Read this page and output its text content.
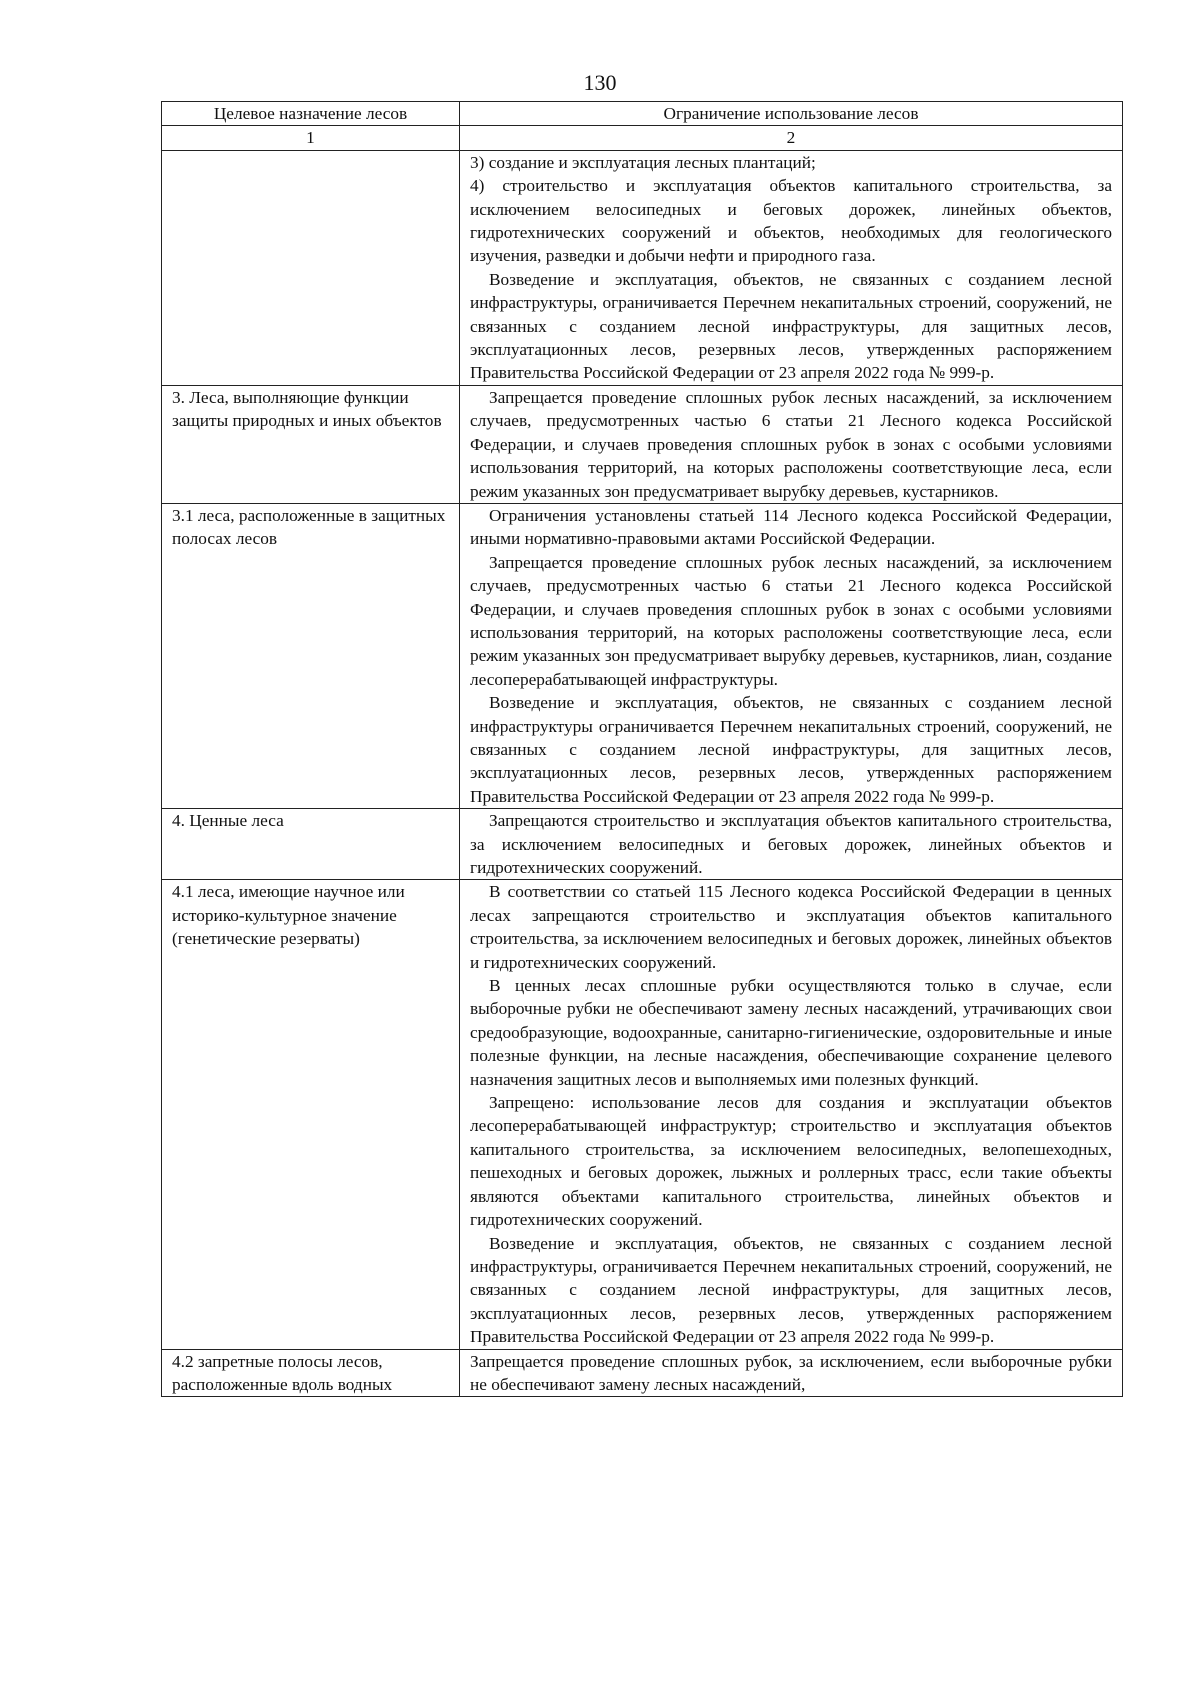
130
Целевое назначение лесов	Ограничение использование лесов
1	2

	3) создание и эксплуатация лесных плантаций;

4) строительство и эксплуатация объектов капитального строительства, за исключением велосипедных и беговых дорожек, линейных объектов, гидротехнических сооружений и объектов, необходимых для геологического изучения, разведки и добычи нефти и природного газа.

Возведение и эксплуатация, объектов, не связанных с созданием лесной инфраструктуры, ограничивается Перечнем некапитальных строений, сооружений, не связанных с созданием лесной инфраструктуры, для защитных лесов, эксплуатационных лесов, резервных лесов, утвержденных распоряжением Правительства Российской Федерации от 23 апреля 2022 года № 999-р.

3. Леса, выполняющие функции защиты природных и иных объектов	Запрещается проведение сплошных рубок лесных насаждений, за исключением случаев, предусмотренных частью 6 статьи 21 Лесного кодекса Российской Федерации, и случаев проведения сплошных рубок в зонах с особыми условиями использования территорий, на которых расположены соответствующие леса, если режим указанных зон предусматривает вырубку деревьев, кустарников.

3.1 леса, расположенные в защитных полосах лесов	Ограничения установлены статьей 114 Лесного кодекса Российской Федерации, иными нормативно-правовыми актами Российской Федерации.

Запрещается проведение сплошных рубок лесных насаждений, за исключением случаев, предусмотренных частью 6 статьи 21 Лесного кодекса Российской Федерации, и случаев проведения сплошных рубок в зонах с особыми условиями использования территорий, на которых расположены соответствующие леса, если режим указанных зон предусматривает вырубку деревьев, кустарников, лиан, создание лесоперерабатывающей инфраструктуры.

Возведение и эксплуатация, объектов, не связанных с созданием лесной инфраструктуры ограничивается Перечнем некапитальных строений, сооружений, не связанных с созданием лесной инфраструктуры, для защитных лесов, эксплуатационных лесов, резервных лесов, утвержденных распоряжением Правительства Российской Федерации от 23 апреля 2022 года № 999-р.

4. Ценные леса	Запрещаются строительство и эксплуатация объектов капитального строительства, за исключением велосипедных и беговых дорожек, линейных объектов и гидротехнических сооружений.

4.1 леса, имеющие научное или историко-культурное значение (генетические резерваты)	В соответствии со статьей 115 Лесного кодекса Российской Федерации в ценных лесах запрещаются строительство и эксплуатация объектов капитального строительства, за исключением велосипедных и беговых дорожек, линейных объектов и гидротехнических сооружений.

В ценных лесах сплошные рубки осуществляются только в случае, если выборочные рубки не обеспечивают замену лесных насаждений, утрачивающих свои средообразующие, водоохранные, санитарно-гигиенические, оздоровительные и иные полезные функции, на лесные насаждения, обеспечивающие сохранение целевого назначения защитных лесов и выполняемых ими полезных функций.

Запрещено: использование лесов для создания и эксплуатации объектов лесоперерабатывающей инфраструктур; строительство и эксплуатация объектов капитального строительства, за исключением велосипедных, велопешеходных, пешеходных и беговых дорожек, лыжных и роллерных трасс, если такие объекты являются объектами капитального строительства, линейных объектов и гидротехнических сооружений.

Возведение и эксплуатация, объектов, не связанных с созданием лесной инфраструктуры, ограничивается Перечнем некапитальных строений, сооружений, не связанных с созданием лесной инфраструктуры, для защитных лесов, эксплуатационных лесов, резервных лесов, утвержденных распоряжением Правительства Российской Федерации от 23 апреля 2022 года № 999-р.

4.2 запретные полосы лесов, расположенные вдоль водных	Запрещается проведение сплошных рубок, за исключением, если выборочные рубки не обеспечивают замену лесных насаждений,
